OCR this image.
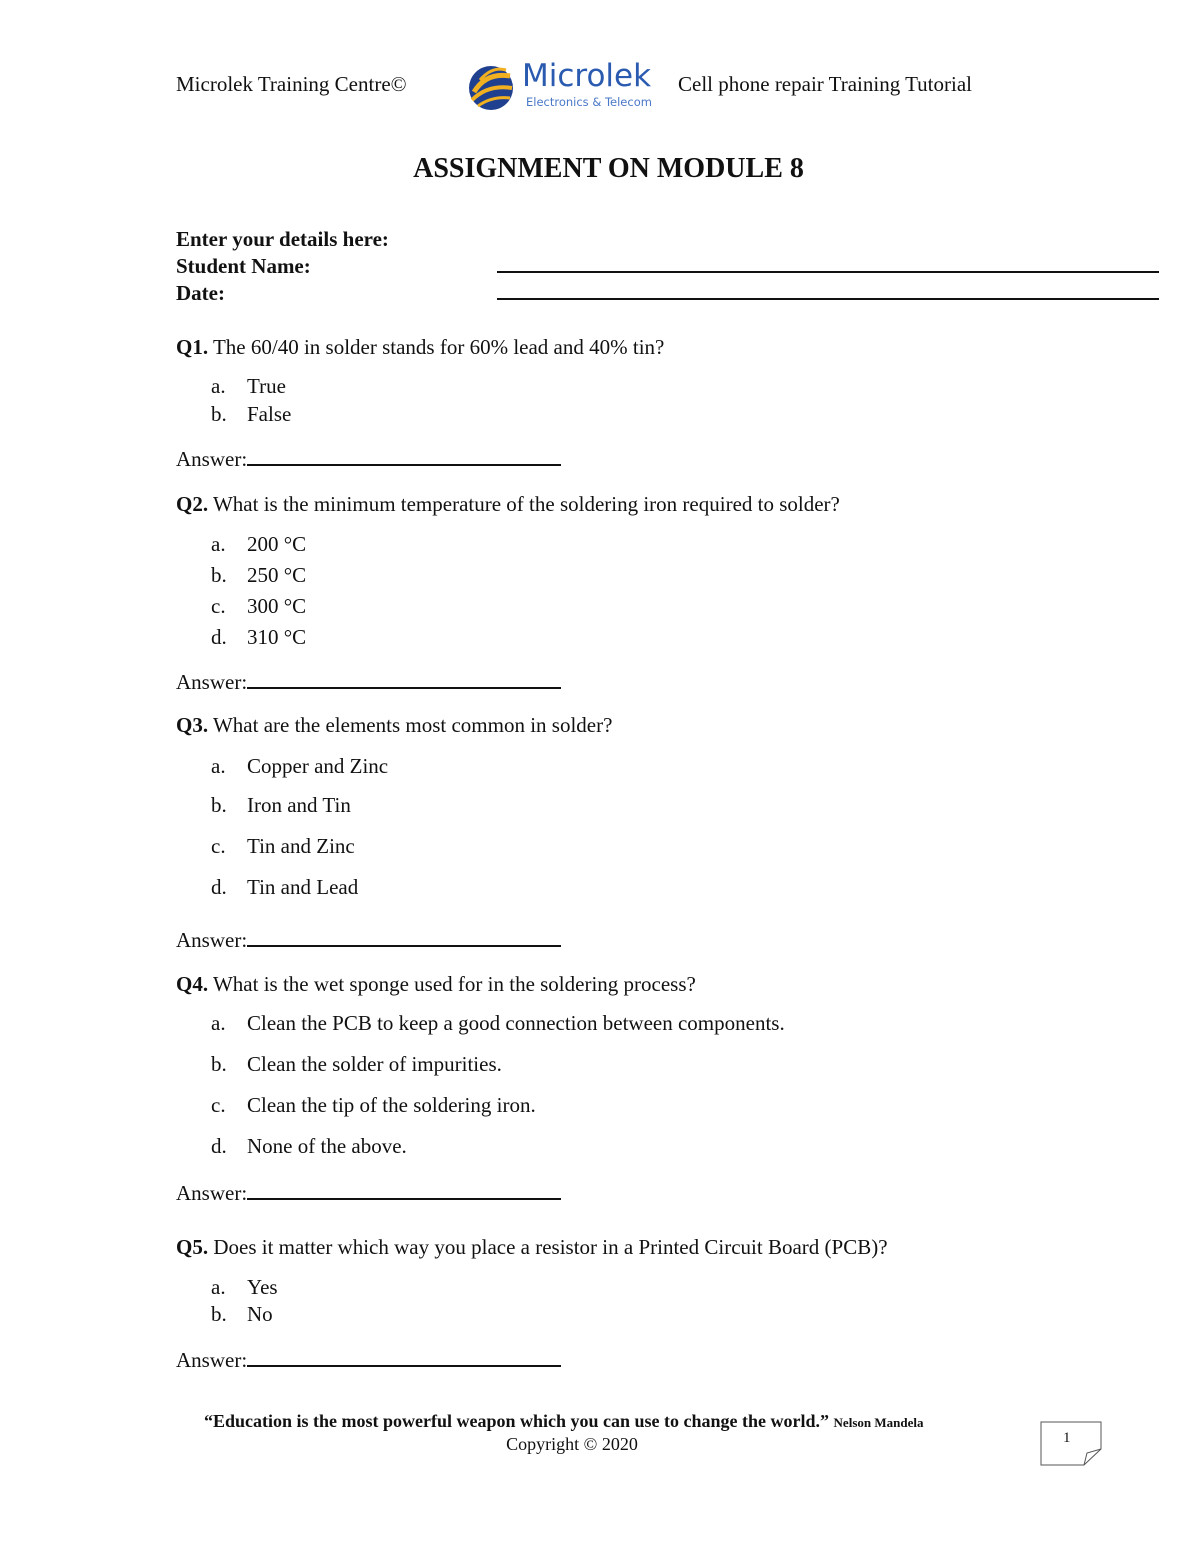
Microlek Training Centre©	Microlek
Electronics & Telecom
Cell phone repair Training Tutorial
ASSIGNMENT ON MODULE 8
Enter your details here:
Student Name:
Date:
Q1. The 60/40 in solder stands for 60% lead and 40% tin?
a. True
b. False
Answer:
Q2. What is the minimum temperature of the soldering iron required to solder?
a. 200 °C
b. 250 °C
c. 300 °C
d. 310 °C
Answer:
Q3. What are the elements most common in solder?
a. Copper and Zinc
b. Iron and Tin
c. Tin and Zinc
d. Tin and Lead
Answer:
Q4. What is the wet sponge used for in the soldering process?
a. Clean the PCB to keep a good connection between components.
b. Clean the solder of impurities.
c. Clean the tip of the soldering iron.
d. None of the above.
Answer:
Q5. Does it matter which way you place a resistor in a Printed Circuit Board (PCB)?
a. Yes
b. No
Answer:
“Education is the most powerful weapon which you can use to change the world.” Nelson Mandela
Copyright © 2020	1
